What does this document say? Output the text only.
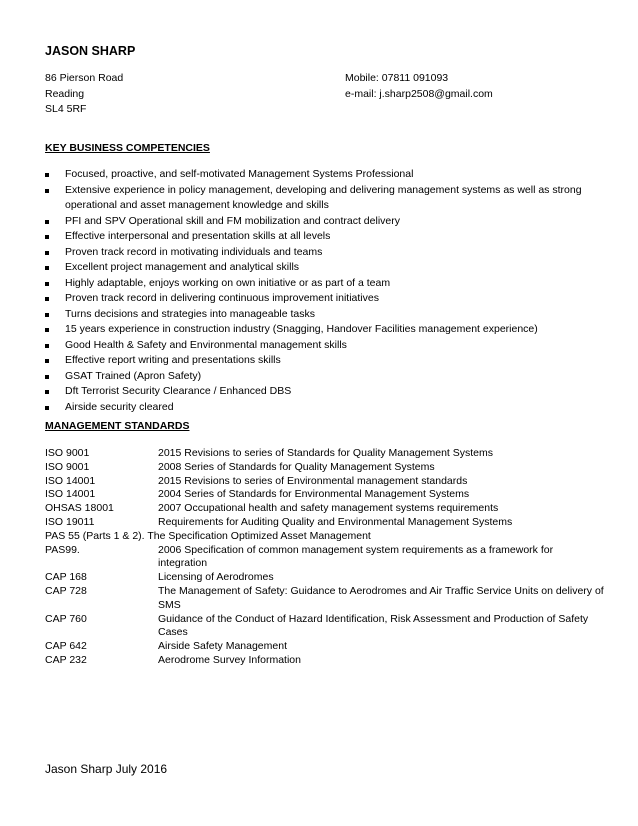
JASON SHARP
86 Pierson Road
Reading
SL4 5RF
Mobile: 07811 091093
e-mail: j.sharp2508@gmail.com
KEY BUSINESS COMPETENCIES
Focused, proactive, and self-motivated Management Systems Professional
Extensive experience in policy management, developing and delivering management systems as well as strong operational and asset management knowledge and skills
PFI and SPV Operational skill and FM mobilization and contract delivery
Effective interpersonal and presentation skills at all levels
Proven track record in motivating individuals and teams
Excellent project management and analytical skills
Highly adaptable, enjoys working on own initiative or as part of a team
Proven track record in delivering continuous improvement initiatives
Turns decisions and strategies into manageable tasks
15 years experience in construction industry (Snagging, Handover Facilities management experience)
Good Health & Safety and Environmental management skills
Effective report writing and presentations skills
GSAT Trained (Apron Safety)
Dft Terrorist Security Clearance / Enhanced DBS
Airside security cleared
MANAGEMENT STANDARDS
ISO 9001	2015 Revisions to series of Standards for Quality Management Systems
ISO 9001	2008 Series of Standards for Quality Management Systems
ISO 14001	2015 Revisions to series of Environmental management standards
ISO 14001	2004 Series of Standards for Environmental Management Systems
OHSAS 18001	2007 Occupational health and safety management systems requirements
ISO 19011	Requirements for Auditing Quality and Environmental Management Systems
PAS 55 (Parts 1 & 2). The Specification Optimized Asset Management
PAS99.	2006 Specification of common management system requirements as a framework for integration
CAP 168	Licensing of Aerodromes
CAP 728	The Management of Safety: Guidance to Aerodromes and Air Traffic Service Units on delivery of SMS
CAP 760	Guidance of the Conduct of Hazard Identification, Risk Assessment and Production of Safety Cases
CAP 642	Airside Safety Management
CAP 232	Aerodrome Survey Information
Jason Sharp July 2016
